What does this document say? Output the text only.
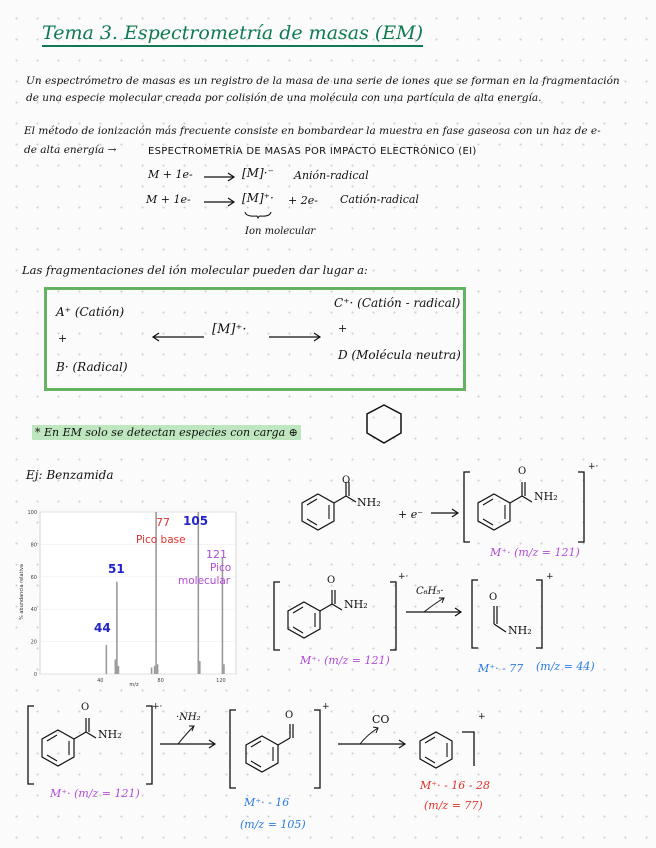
Tema 3. Espectrometría de masas (EM)
Un espectrómetro de masas es un registro de la masa de una serie de iones que se forman en la fragmentación
de una especie molecular creada por colisión de una molécula con una partícula de alta energía.
El método de ionización más frecuente consiste en bombardear la muestra en fase gaseosa con un haz de e-
de alta energía →	ESPECTROMETRÍA DE MASAS POR IMPACTO ELECTRÓNICO (EI)
M + 1e-	[M]·⁻ Anión-radical
M + 1e-	[M]⁺· + 2e- Catión-radical
Ion molecular
Las fragmentaciones del ión molecular pueden dar lugar a:
A⁺ (Catión)
+
B· (Radical)
[M]⁺·
C⁺· (Catión - radical)
+
D (Molécula neutra)
* En EM solo se detectan especies con carga ⊕
Ej: Benzamida
100
80
60
40
20
0
40	80	120
% abundancia relativa
m/z
77
Pico base
105
121
Pico
molecular
51
44
O
NH₂
+ e⁻
O
NH₂
+·
M⁺· (m/z = 121)
O
NH₂
+·
M⁺· (m/z = 121)
C₆H₅·
O
NH₂
+
M⁺· - 77 (m/z = 44)
O
NH₂
+·
M⁺· (m/z = 121)
·NH₂	O
+
M⁺· - 16
(m/z = 105)
CO	+
M⁺· - 16 - 28
(m/z = 77)
